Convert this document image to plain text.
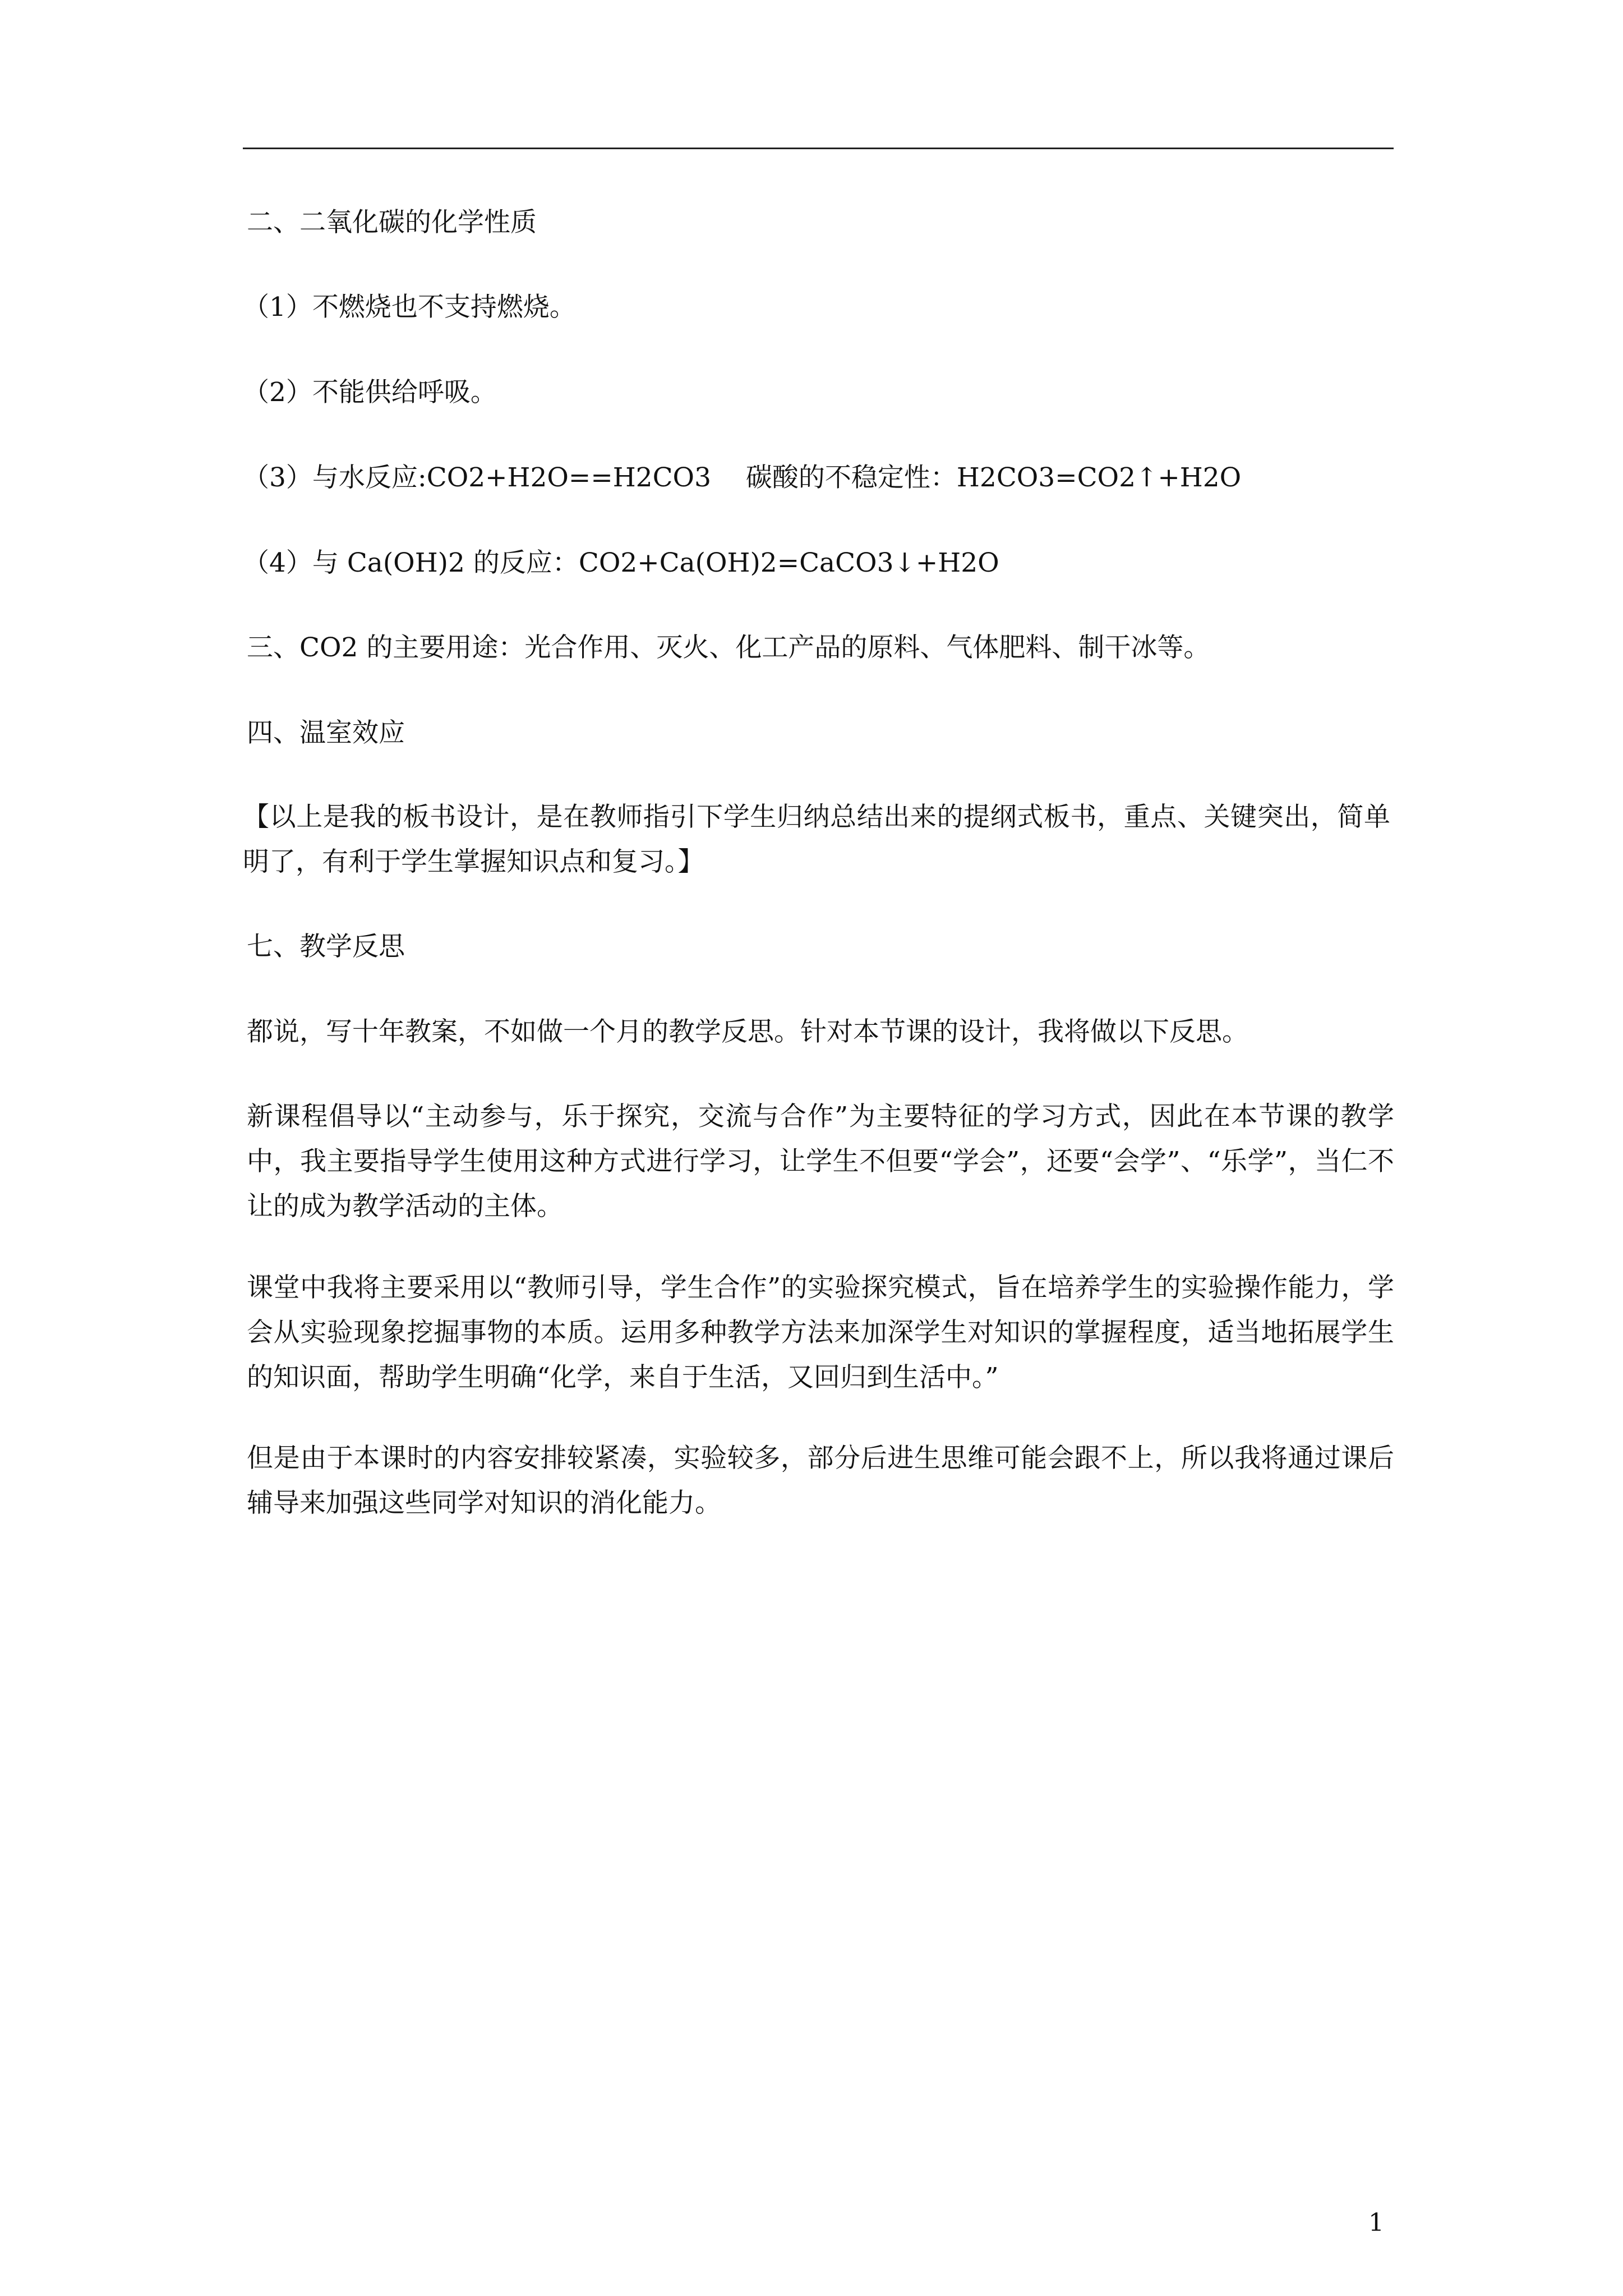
二、二氧化碳的化学性质
（1）不燃烧也不支持燃烧。
（2）不能供给呼吸。
（3）与水反应:CO2+H2O==H2CO3　 碳酸的不稳定性：H2CO3=CO2↑+H2O
（4）与 Ca(OH)2 的反应：CO2+Ca(OH)2=CaCO3↓+H2O
三、CO2 的主要用途：光合作用、灭火、化工产品的原料、气体肥料、制干冰等。
四、温室效应
【以上是我的板书设计，是在教师指引下学生归纳总结出来的提纲式板书，重点、关键突出，简单明了，有利于学生掌握知识点和复习。】
七、教学反思
都说，写十年教案，不如做一个月的教学反思。针对本节课的设计，我将做以下反思。
新课程倡导以“主动参与，乐于探究，交流与合作”为主要特征的学习方式，因此在本节课的教学中，我主要指导学生使用这种方式进行学习，让学生不但要“学会”，还要“会学”、“乐学”，当仁不让的成为教学活动的主体。
课堂中我将主要采用以“教师引导，学生合作”的实验探究模式，旨在培养学生的实验操作能力，学会从实验现象挖掘事物的本质。运用多种教学方法来加深学生对知识的掌握程度，适当地拓展学生的知识面，帮助学生明确“化学，来自于生活，又回归到生活中。”
但是由于本课时的内容安排较紧凑，实验较多，部分后进生思维可能会跟不上，所以我将通过课后辅导来加强这些同学对知识的消化能力。
1
